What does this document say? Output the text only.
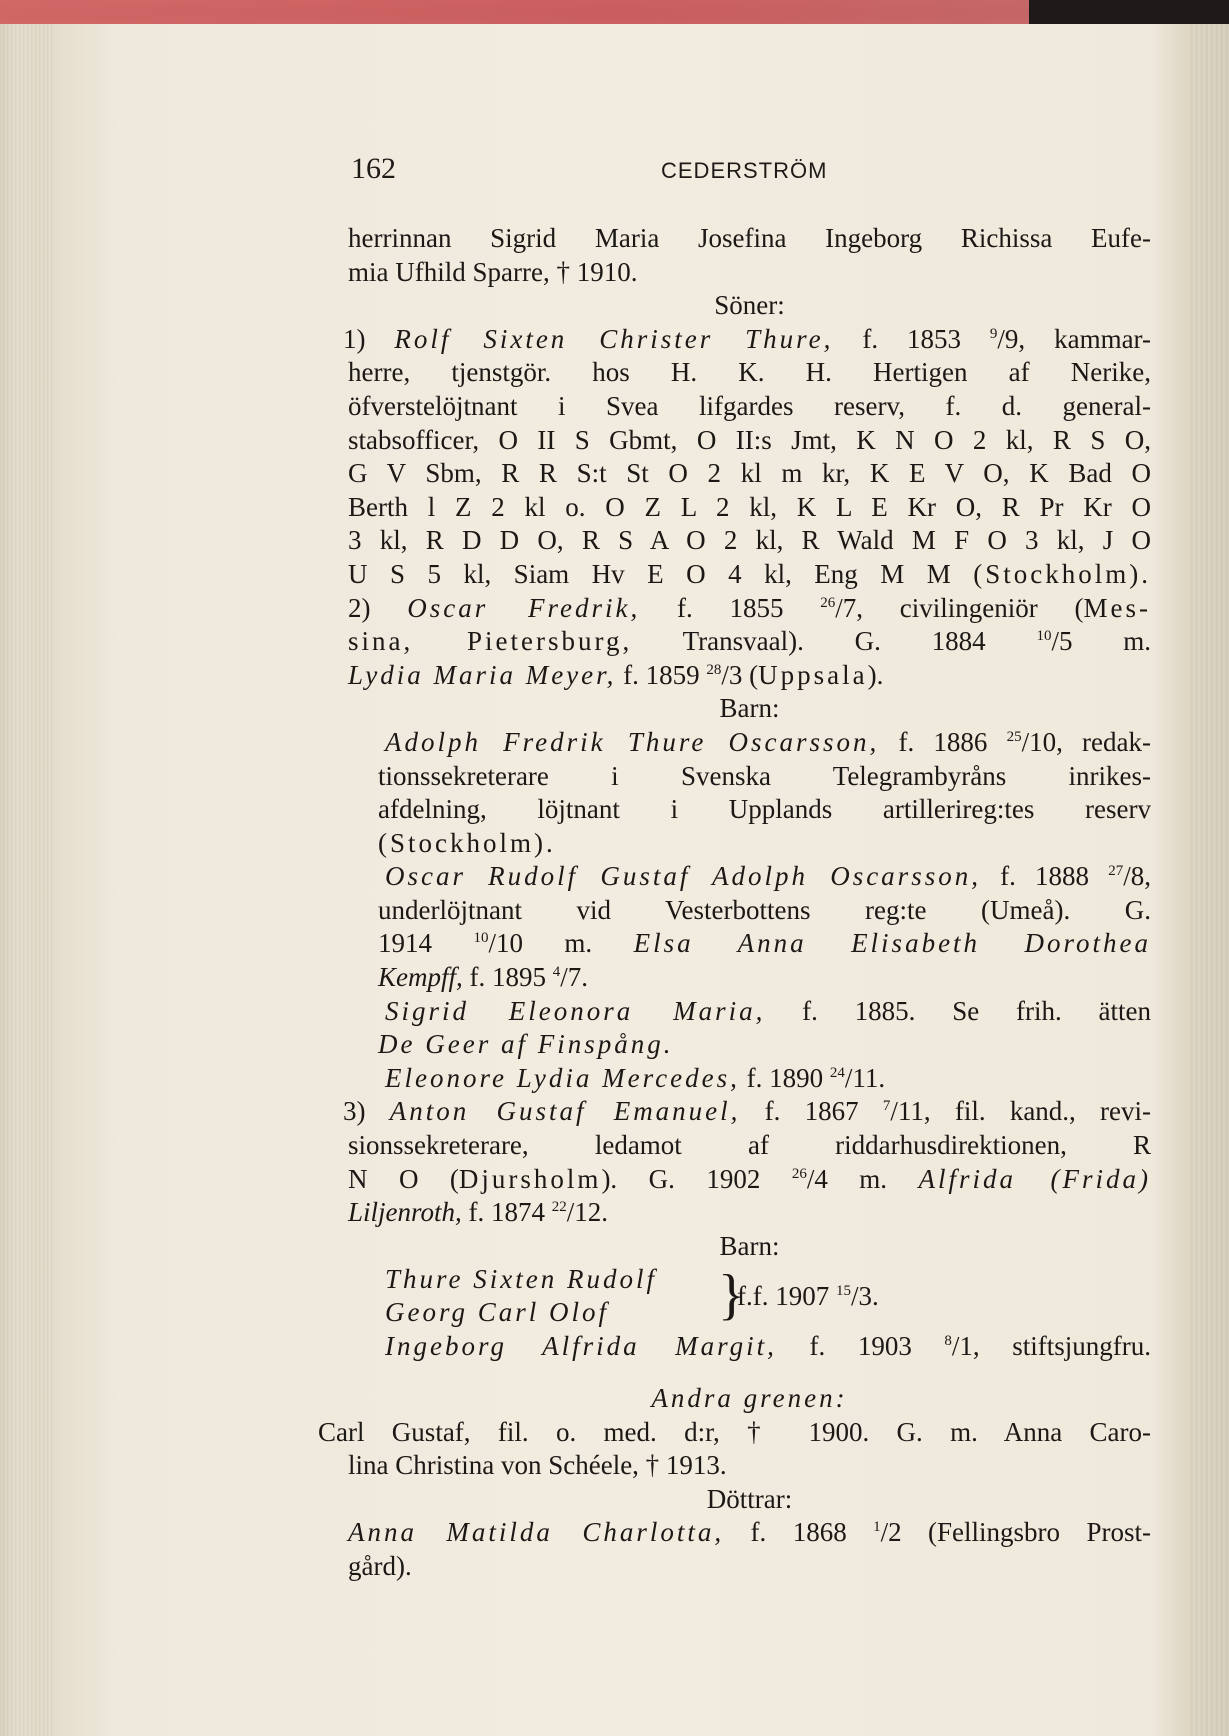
162	CEDERSTRÖM
herrinnan Sigrid Maria Josefina Ingeborg Richissa Eufe-
mia Ufhild Sparre, † 1910.
Söner:
1) Rolf Sixten Christer Thure, f. 1853 $^9$/9, kammar-
herre, tjenstgör. hos H. K. H. Hertigen af Nerike,
öfverstelöjtnant i Svea lifgardes reserv, f. d. general-
stabsofficer, O II S Gbmt, O II:s Jmt, K N O 2 kl, R S O,
G V Sbm, R R S:t St O 2 kl m kr, K E V O, K Bad O
Berth l Z 2 kl o. O Z L 2 kl, K L E Kr O, R Pr Kr O
3 kl, R D D O, R S A O 2 kl, R Wald M F O 3 kl, J O
U S 5 kl, Siam Hv E O 4 kl, Eng M M (Stockholm).
2) Oscar Fredrik, f. 1855 $^{26}$/7, civilingeniör (Mes-
sina, Pietersburg, Transvaal). G. 1884 $^{10}$/5 m.
Lydia Maria Meyer, f. 1859 $^{28}$/3 (Uppsala).
Barn:
Adolph Fredrik Thure Oscarsson, f. 1886 $^{25}$/10, redak-
tionssekreterare i Svenska Telegrambyråns inrikes-
afdelning, löjtnant i Upplands artillerireg:tes reserv
(Stockholm).
Oscar Rudolf Gustaf Adolph Oscarsson, f. 1888 $^{27}$/8,
underlöjtnant vid Vesterbottens reg:te (Umeå). G.
1914 $^{10}$/10 m. Elsa Anna Elisabeth Dorothea
Kempff, f. 1895 $^4$/7.
Sigrid Eleonora Maria, f. 1885. Se frih. ätten
De Geer af Finspång.
Eleonore Lydia Mercedes, f. 1890 $^{24}$/11.
3) Anton Gustaf Emanuel, f. 1867 $^7$/11, fil. kand., revi-
sionssekreterare, ledamot af riddarhusdirektionen, R
N O (Djursholm). G. 1902 $^{26}$/4 m. Alfrida (Frida)
Liljenroth, f. 1874 $^{22}$/12.
Barn:
Thure Sixten Rudolf
Georg Carl Olof }
f.f. 1907 $^{15}$/3.
Ingeborg Alfrida Margit, f. 1903 $^8$/1, stiftsjungfru.
Andra grenen:
Carl Gustaf, fil. o. med. d:r, † 1900. G. m. Anna Caro-
lina Christina von Schéele, † 1913.
Döttrar:
Anna Matilda Charlotta, f. 1868 $^1$/2 (Fellingsbro Prost-
gård).
